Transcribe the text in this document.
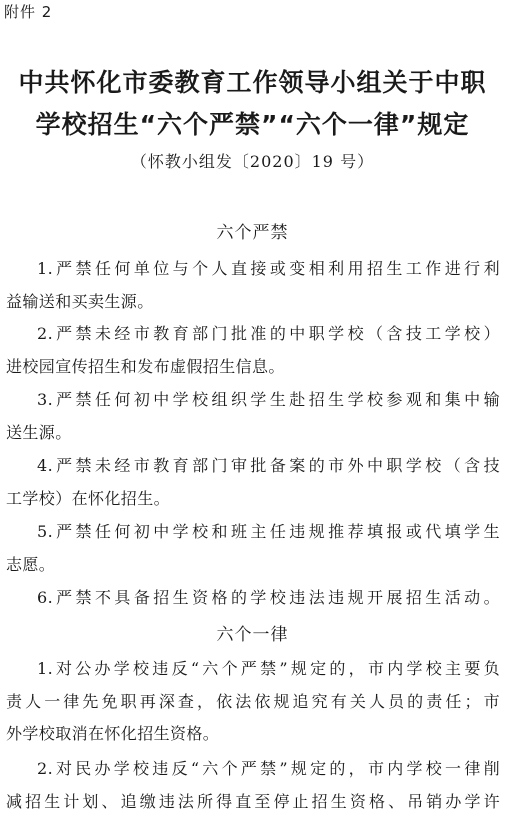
附件 2
中共怀化市委教育工作领导小组关于中职
学校招生“六个严禁”“六个一律”规定
（怀教小组发〔2020〕19 号）
六个严禁
1.严禁任何单位与个人直接或变相利用招生工作进行利
益输送和买卖生源。
2.严禁未经市教育部门批准的中职学校（含技工学校）
进校园宣传招生和发布虚假招生信息。
3.严禁任何初中学校组织学生赴招生学校参观和集中输
送生源。
4.严禁未经市教育部门审批备案的市外中职学校（含技
工学校）在怀化招生。
5.严禁任何初中学校和班主任违规推荐填报或代填学生
志愿。
6.严禁不具备招生资格的学校违法违规开展招生活动。
六个一律
1.对公办学校违反“六个严禁”规定的，市内学校主要负
责人一律先免职再深查，依法依规追究有关人员的责任；市
外学校取消在怀化招生资格。
2.对民办学校违反“六个严禁”规定的，市内学校一律削
减招生计划、追缴违法所得直至停止招生资格、吊销办学许
